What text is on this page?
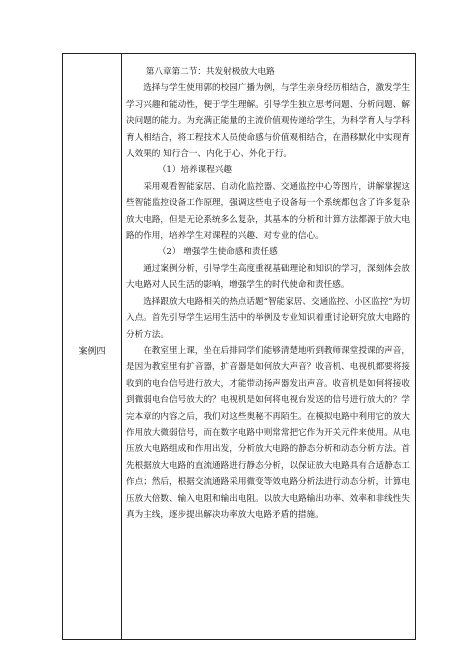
案例四

第八章第二节：共发射极放大电路

选择与学生使用郭的校园广播为例，与学生亲身经历相结合，激发学生学习兴趣和能动性，便于学生理解。引导学生独立思考问题、分析问题、解决问题的能力。为充满正能量的主流价值观传递给学生，为科学育人与学科育人相结合，将工程技术人员使命感与价值观相结合，在潜移默化中实现育人效果的 知行合一、内化于心、外化于行。

（1）培养课程兴趣

采用观看智能家居、自动化监控器、交通监控中心等图片，讲解掌握这些智能监控设备工作原理，强调这些电子设备每一个系统都包含了许多复杂放大电路，但是无论系统多么复杂，其基本的分析和计算方法都源于放大电路的作用，培养学生对课程的兴趣、对专业的信心。

（2） 增强学生使命感和责任感

通过案例分析，引导学生高度重视基础理论和知识的学习，深刻体会放大电路对人民生活的影响，增强学生的时代使命和责任感。

选择跟放大电路相关的热点话题“智能家居、交通监控、小区监控”为切入点。首先引导学生运用生活中的举例及专业知识着重讨论研究放大电路的分析方法。

在教室里上课，坐在后排同学们能够清楚地听到教师课堂授课的声音，是因为教室里有扩音器，扩音器是如何放大声音？收音机、电视机都要将接收到的电台信号进行放大，才能带动扬声器发出声音。收音机是如何将接收到微弱电台信号放大的？电视机是如何将电视台发送的信号进行放大的？学完本章的内容之后，我们对这些奥秘不再陌生。在模拟电路中利用它的放大作用放大微弱信号，而在数字电路中则常常把它作为开关元件来使用。从电压放大电路组成和作用出发，分析放大电路的静态分析和动态分析方法。首先根据放大电路的直流通路进行静态分析，以保证放大电路具有合适静态工作点；然后，根据交流通路采用微变等效电路分析法进行动态分析，计算电压放大倍数、输入电阻和输出电阻。以放大电路输出功率、效率和非线性失真为主线，逐步提出解决功率放大电路矛盾的措施。
